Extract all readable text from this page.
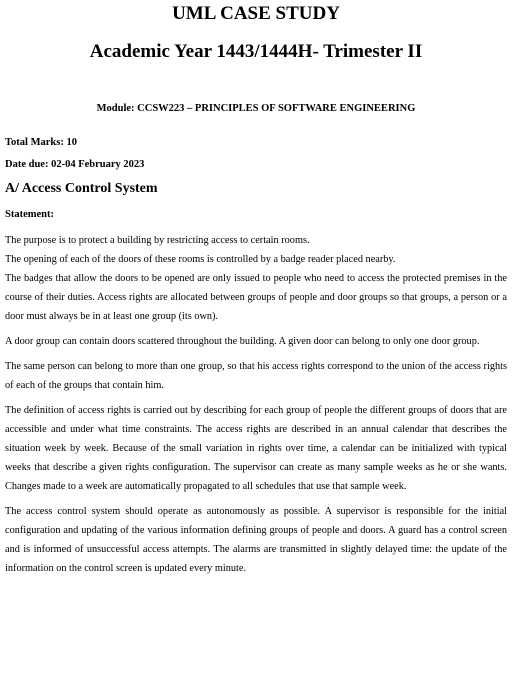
UML CASE STUDY
Academic Year 1443/1444H- Trimester II
Module: CCSW223 – PRINCIPLES OF SOFTWARE ENGINEERING
Total Marks: 10
Date due: 02-04 February 2023
A/ Access Control System
Statement:

The purpose is to protect a building by restricting access to certain rooms.

The opening of each of the doors of these rooms is controlled by a badge reader placed nearby.

The badges that allow the doors to be opened are only issued to people who need to access the protected premises in the course of their duties. Access rights are allocated between groups of people and door groups so that groups, a person or a door must always be in at least one group (its own).

A door group can contain doors scattered throughout the building. A given door can belong to only one door group.

The same person can belong to more than one group, so that his access rights correspond to the union of the access rights of each of the groups that contain him.

The definition of access rights is carried out by describing for each group of people the different groups of doors that are accessible and under what time constraints. The access rights are described in an annual calendar that describes the situation week by week. Because of the small variation in rights over time, a calendar can be initialized with typical weeks that describe a given rights configuration. The supervisor can create as many sample weeks as he or she wants. Changes made to a week are automatically propagated to all schedules that use that sample week.

The access control system should operate as autonomously as possible. A supervisor is responsible for the initial configuration and updating of the various information defining groups of people and doors. A guard has a control screen and is informed of unsuccessful access attempts. The alarms are transmitted in slightly delayed time: the update of the information on the control screen is updated every minute.
